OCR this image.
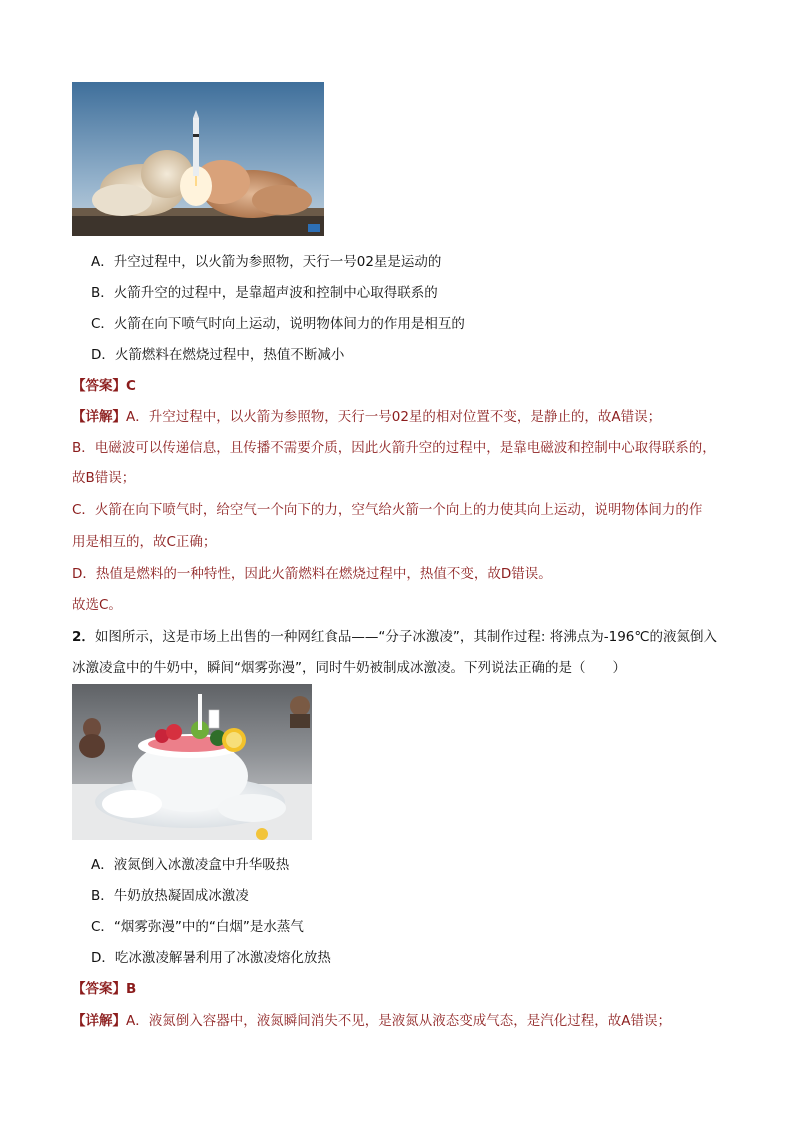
A．升空过程中，以火箭为参照物，天行一号02星是运动的
B．火箭升空的过程中，是靠超声波和控制中心取得联系的
C．火箭在向下喷气时向上运动，说明物体间力的作用是相互的
D．火箭燃料在燃烧过程中，热值不断减小
【答案】C
【详解】A．升空过程中，以火箭为参照物，天行一号02星的相对位置不变，是静止的，故A错误；
B．电磁波可以传递信息，且传播不需要介质，因此火箭升空的过程中，是靠电磁波和控制中心取得联系的，
故B错误；
C．火箭在向下喷气时，给空气一个向下的力，空气给火箭一个向上的力使其向上运动，说明物体间力的作
用是相互的，故C正确；
D．热值是燃料的一种特性，因此火箭燃料在燃烧过程中，热值不变，故D错误。
故选C。
2．如图所示，这是市场上出售的一种网红食品——“分子冰激凌”，其制作过程: 将沸点为-196℃的液氮倒入
冰激凌盒中的牛奶中，瞬间“烟雾弥漫”，同时牛奶被制成冰激凌。下列说法正确的是（　　）
A．液氮倒入冰激凌盒中升华吸热
B．牛奶放热凝固成冰激凌
C．“烟雾弥漫”中的“白烟”是水蒸气
D．吃冰激凌解暑利用了冰激凌熔化放热
【答案】B
【详解】A．液氮倒入容器中，液氮瞬间消失不见，是液氮从液态变成气态，是汽化过程，故A错误；
